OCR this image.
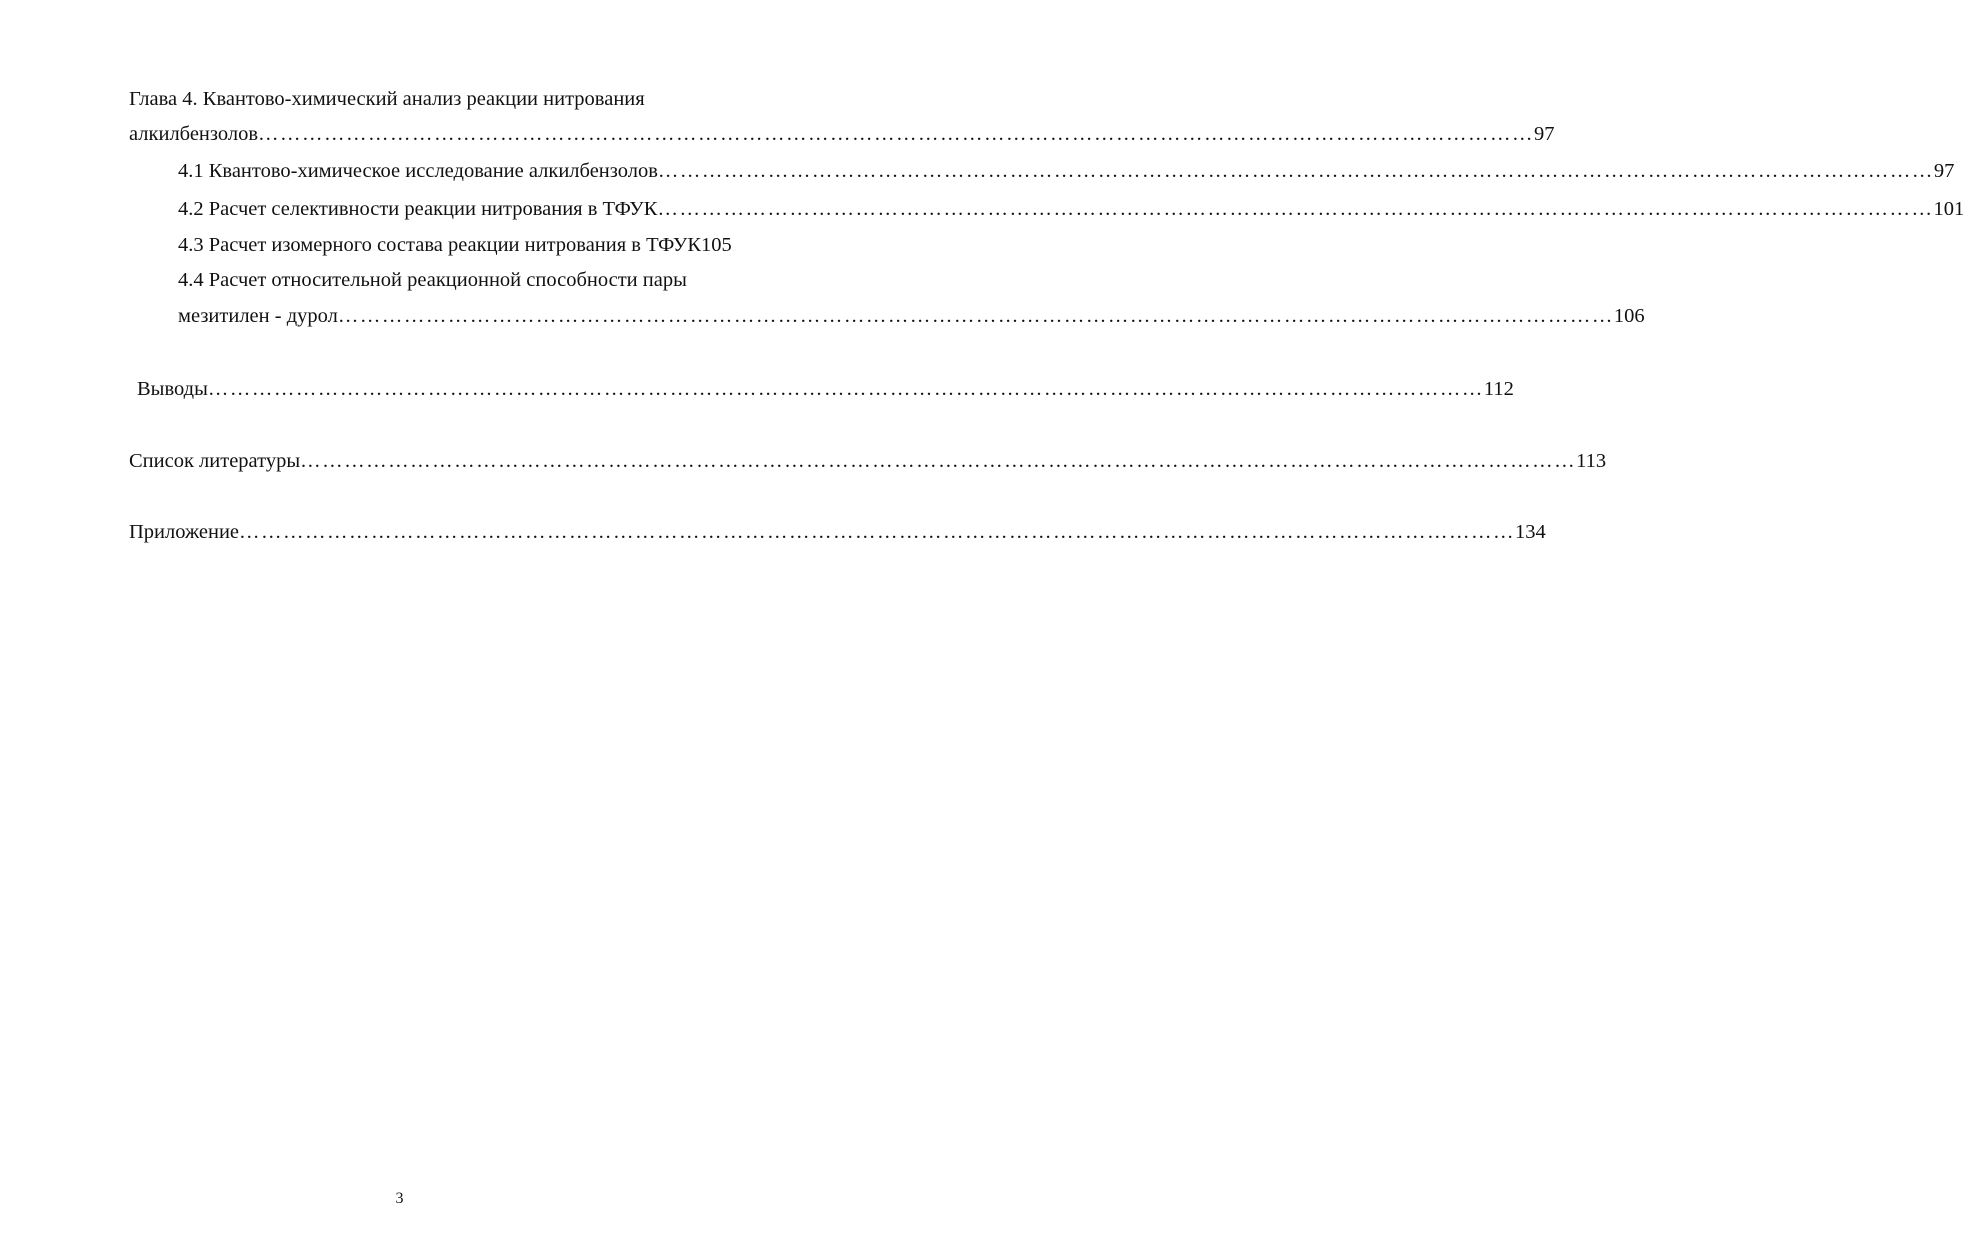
Глава 4. Квантово-химический анализ реакции нитрования
алкилбензолов ………………………………………………………………………………………………………………………………………………………… 97
4.1 Квантово-химическое исследование алкилбензолов ………………………………………………………………………………………………………………………………………………………… 97
4.2 Расчет селективности реакции нитрования в ТФУК ………………………………………………………………………………………………………………………………………………………… 101
4.3 Расчет изомерного состава реакции нитрования в ТФУК 105
4.4 Расчет относительной реакционной способности пары
мезитилен - дурол ………………………………………………………………………………………………………………………………………………………… 106
Выводы ………………………………………………………………………………………………………………………………………………………… 112
Список литературы ………………………………………………………………………………………………………………………………………………………… 113
Приложение ………………………………………………………………………………………………………………………………………………………… 134
3
